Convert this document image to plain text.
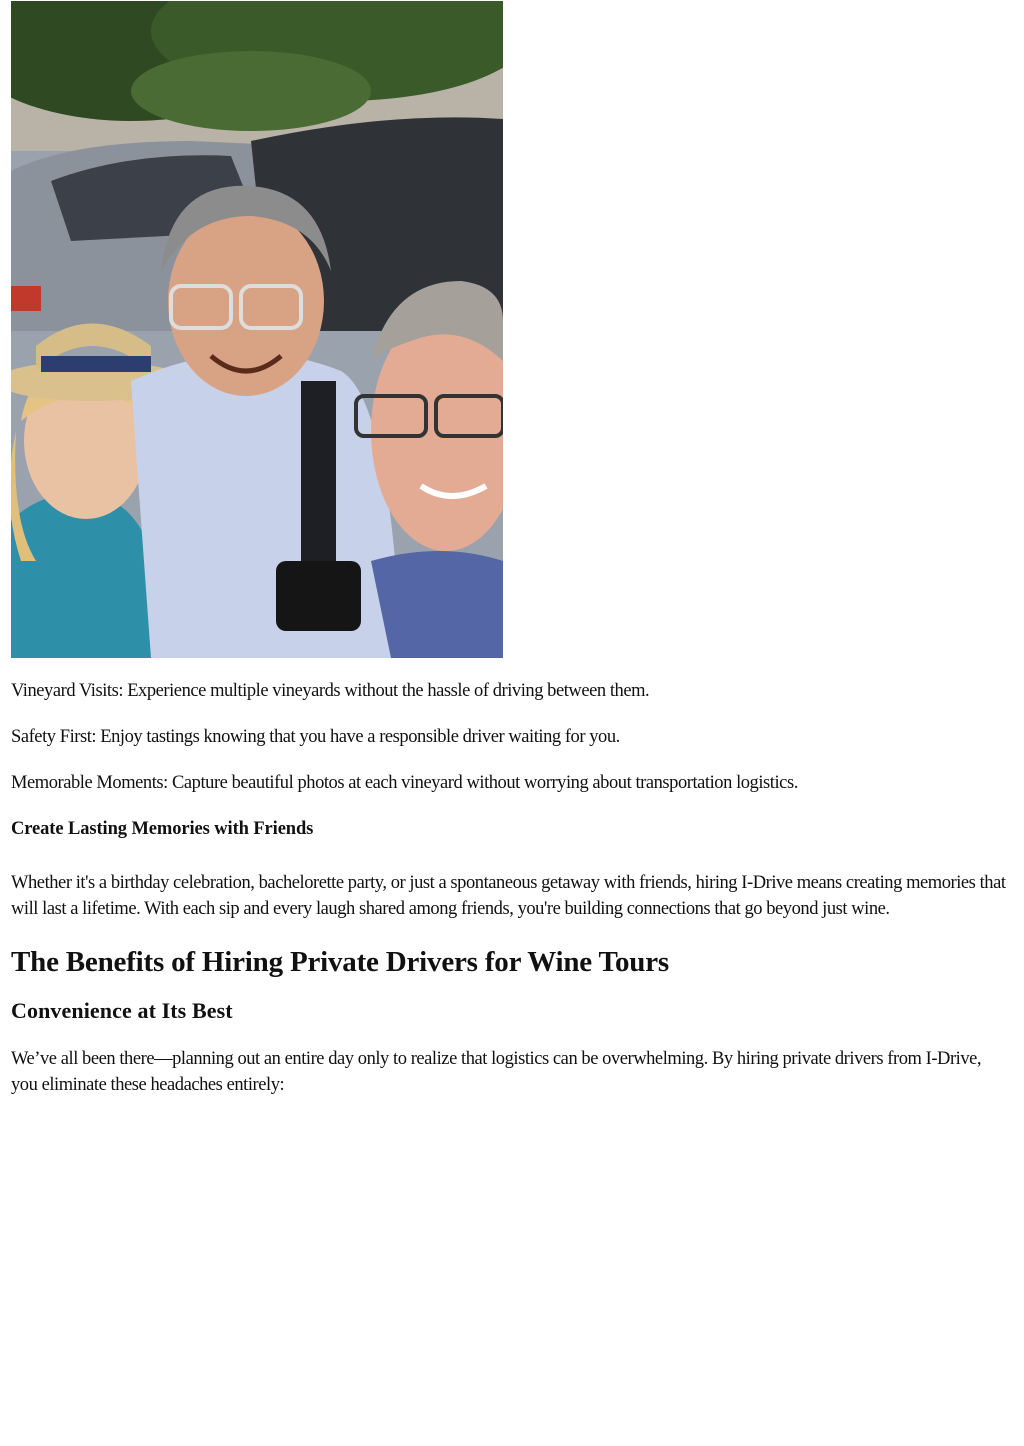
Vineyard Visits: Experience multiple vineyards without the hassle of driving between them.

Safety First: Enjoy tastings knowing that you have a responsible driver waiting for you.

Memorable Moments: Capture beautiful photos at each vineyard without worrying about transportation logistics.

Create Lasting Memories with Friends

Whether it's a birthday celebration, bachelorette party, or just a spontaneous getaway with friends, hiring I-Drive means creating memories that will last a lifetime. With each sip and every laugh shared among friends, you're building connections that go beyond just wine.

The Benefits of Hiring Private Drivers for Wine Tours
Convenience at Its Best

We’ve all been there—planning out an entire day only to realize that logistics can be overwhelming. By hiring private drivers from I-Drive, you eliminate these headaches entirely:
